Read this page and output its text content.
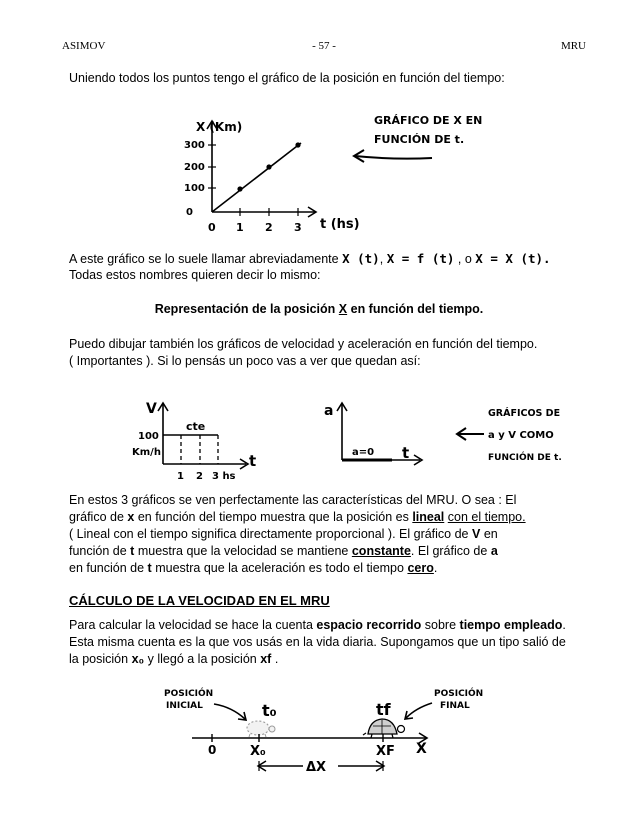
ASIMOV	- 57 -	MRU
Uniendo todos los puntos tengo el gráfico de la posición en función del tiempo:
X (Km)
t (hs)
0
100
200
300
0 1 2 3
GRÁFICO DE X EN
FUNCIÓN DE t.
V
cte
100
Km/h	t
1 2 3 hs
a
a=0 t
GRÁFICOS DE
a y V COMO
FUNCIÓN DE t.
POSICIÓN
INICIAL	t₀
POSICIÓN
FINAL
tf
0	X₀	XF X
ΔX
A este gráfico se lo suele llamar abreviadamente X (t), X = f (t) , o X = X (t).
Todas estos nombres quieren decir lo mismo:
Representación de la posición X en función del tiempo.
Puedo dibujar también los gráficos de velocidad y aceleración en función del tiempo.
( Importantes ). Si lo pensás un poco vas a ver que quedan así:
En estos 3 gráficos se ven perfectamente las características del MRU. O sea : El
gráfico de x en función del tiempo muestra que la posición es lineal con el tiempo.
( Lineal con el tiempo significa directamente proporcional ). El gráfico de V en
función de t muestra que la velocidad se mantiene constante. El gráfico de a
en función de t muestra que la aceleración es todo el tiempo cero.
CÁLCULO DE LA VELOCIDAD EN EL MRU
Para calcular la velocidad se hace la cuenta espacio recorrido sobre tiempo empleado.
Esta misma cuenta es la que vos usás en la vida diaria. Supongamos que un tipo salió de
la posición x₀ y llegó a la posición xf .
